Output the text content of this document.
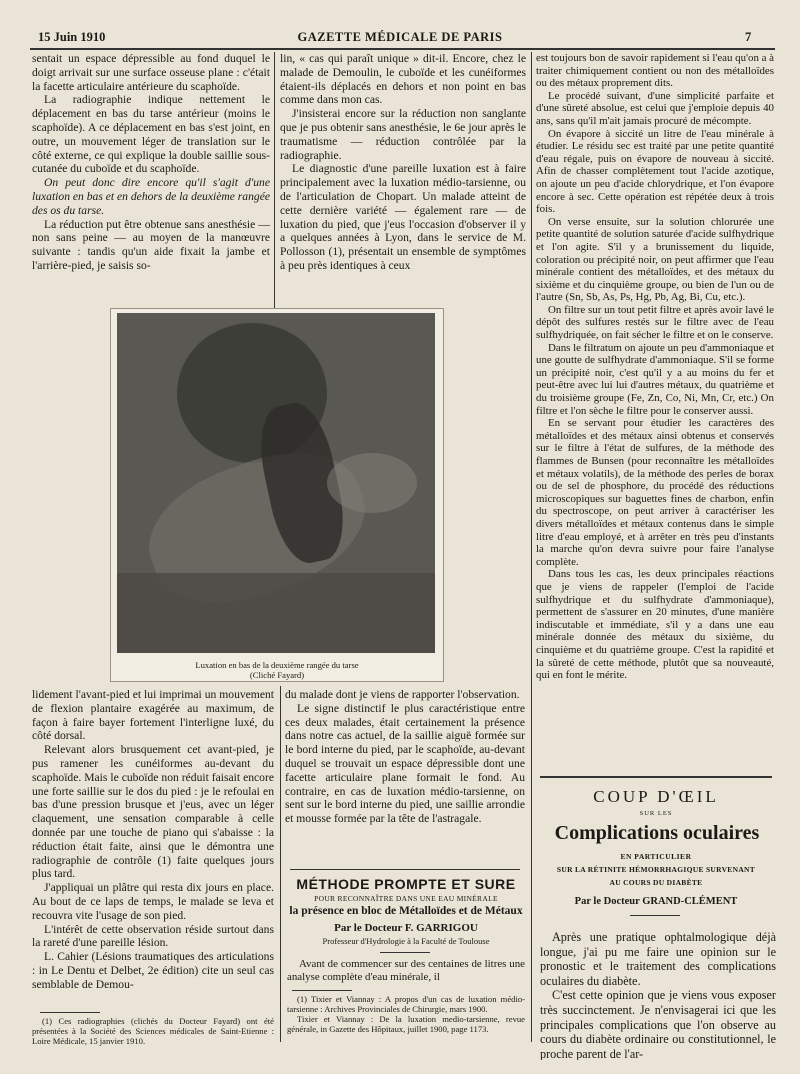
15 Juin 1910	GAZETTE MÉDICALE DE PARIS	7

sentait un espace dépressible au fond duquel le doigt arrivait sur une surface osseuse plane : c'était la facette articulaire antérieure du scaphoïde.

La radiographie indique nettement le déplacement en bas du tarse antérieur (moins le scaphoïde). A ce déplacement en bas s'est joint, en outre, un mouvement léger de translation sur le côté externe, ce qui explique la double saillie sous-cutanée du cuboïde et du scaphoïde.

On peut donc dire encore qu'il s'agit d'une luxation en bas et en dehors de la deuxième rangée des os du tarse.

La réduction put être obtenue sans anesthésie — non sans peine — au moyen de la manœuvre suivante : tandis qu'un aide fixait la jambe et l'arrière-pied, je saisis so-

lin, « cas qui paraît unique » dit-il. Encore, chez le malade de Demoulin, le cuboïde et les cunéiformes étaient-ils déplacés en dehors et non point en bas comme dans mon cas.

J'insisterai encore sur la réduction non sanglante que je pus obtenir sans anesthésie, le 6e jour après le traumatisme — réduction contrôlée par la radiographie.

Le diagnostic d'une pareille luxation est à faire principalement avec la luxation médio-tarsienne, ou de l'articulation de Chopart. Un malade atteint de cette dernière variété — également rare — de luxation du pied, que j'eus l'occasion d'observer il y a quelques années à Lyon, dans le service de M. Pollosson (1), présentait un ensemble de symptômes à peu près identiques à ceux

est toujours bon de savoir rapidement si l'eau qu'on a à traiter chimiquement contient ou non des métalloïdes ou des métaux proprement dits.

Le procédé suivant, d'une simplicité parfaite et d'une sûreté absolue, est celui que j'emploie depuis 40 ans, sans qu'il m'ait jamais procuré de mécompte.

On évapore à siccité un litre de l'eau minérale à étudier. Le résidu sec est traité par une petite quantité d'eau régale, puis on évapore de nouveau à siccité. Afin de chasser complètement tout l'acide azotique, on ajoute un peu d'acide chlorydrique, et l'on évapore encore à sec. Cette opération est répétée deux à trois fois.

On verse ensuite, sur la solution chlorurée une petite quantité de solution saturée d'acide sulfhydrique et l'on agite. S'il y a brunissement du liquide, coloration ou précipité noir, on peut affirmer que l'eau minérale contient des métalloïdes, et des métaux du sixième et du cinquième groupe, ou bien de l'un ou de l'autre (Sn, Sb, As, Ps, Hg, Pb, Ag, Bi, Cu, etc.).

On filtre sur un tout petit filtre et après avoir lavé le dépôt des sulfures restés sur le filtre avec de l'eau sulfhydriquée, on fait sécher le filtre et on le conserve.

Dans le filtratum on ajoute un peu d'ammoniaque et une goutte de sulfhydrate d'ammoniaque. S'il se forme un précipité noir, c'est qu'il y a au moins du fer et peut-être avec lui lui d'autres métaux, du quatrième et du troisième groupe (Fe, Zn, Co, Ni, Mn, Cr, etc.) On filtre et l'on sèche le filtre pour le conserver aussi.

En se servant pour étudier les caractères des métalloïdes et des métaux ainsi obtenus et conservés sur le filtre à l'état de sulfures, de la méthode des flammes de Bunsen (pour reconnaître les métalloïdes et métaux volatils), de la méthode des perles de borax ou de sel de phosphore, du procédé des réductions microscopiques sur baguettes fines de charbon, enfin du spectroscope, on peut arriver à caractériser les divers métalloïdes et métaux contenus dans le simple litre d'eau employé, et à arrêter en très peu d'instants la marche qu'on devra suivre pour faire l'analyse complète.

Dans tous les cas, les deux principales réactions que je viens de rappeler (l'emploi de l'acide sulfhydrique et du sulfhydrate d'ammoniaque), permettent de s'assurer en 20 minutes, d'une manière indiscutable et immédiate, s'il y a dans une eau minérale donnée des métaux du sixième, du cinquième et du quatrième groupe. C'est la rapidité et la sûreté de cette méthode, plutôt que sa nouveauté, qui en font le mérite.

Luxation en bas de la deuxième rangée du tarse
(Cliché Fayard)

lidement l'avant-pied et lui imprimai un mouvement de flexion plantaire exagérée au maximum, de façon à faire bayer fortement l'interligne luxé, du côté dorsal.

Relevant alors brusquement cet avant-pied, je pus ramener les cunéiformes au-devant du scaphoïde. Mais le cuboïde non réduit faisait encore une forte saillie sur le dos du pied : je le refoulai en bas d'une pression brusque et j'eus, avec un léger claquement, une sensation comparable à celle donnée par une touche de piano qui s'abaisse : la réduction était faite, ainsi que le démontra une radiographie de contrôle (1) faite quelques jours plus tard.

J'appliquai un plâtre qui resta dix jours en place. Au bout de ce laps de temps, le malade se leva et recouvra vite l'usage de son pied.

L'intérêt de cette observation réside surtout dans la rareté d'une pareille lésion.

L. Cahier (Lésions traumatiques des articulations : in Le Dentu et Delbet, 2e édition) cite un seul cas semblable de Demou-

(1) Ces radiographies (clichés du Docteur Fayard) ont été présentées à la Société des Sciences médicales de Saint-Etienne : Loire Médicale, 15 janvier 1910.

du malade dont je viens de rapporter l'observation.

Le signe distinctif le plus caractéristique entre ces deux malades, était certainement la présence dans notre cas actuel, de la saillie aiguë formée sur le bord interne du pied, par le scaphoïde, au-devant duquel se trouvait un espace dépressible dont une facette articulaire plane formait le fond. Au contraire, en cas de luxation médio-tarsienne, on sent sur le bord interne du pied, une saillie arrondie et mousse formée par la tête de l'astragale.

MÉTHODE PROMPTE ET SURE
POUR RECONNAÎTRE DANS UNE EAU MINÉRALE
la présence en bloc de Métalloïdes et de Métaux
Par le Docteur F. GARRIGOU
Professeur d'Hydrologie à la Faculté de Toulouse

Avant de commencer sur des centaines de litres une analyse complète d'eau minérale, il

(1) Tixier et Viannay : A propos d'un cas de luxation médio-tarsienne : Archives Provinciales de Chirurgie, mars 1900.

Tixier et Viannay : De la luxation medio-tarsienne, revue générale, in Gazette des Hôpitaux, juillet 1900, page 1173.

COUP D'ŒIL
SUR LES
Complications oculaires
EN PARTICULIER
SUR LA RÉTINITE HÉMORRHAGIQUE SURVENANT
AU COURS DU DIABÈTE
Par le Docteur GRAND-CLÉMENT

Après une pratique ophtalmologique déjà longue, j'ai pu me faire une opinion sur le pronostic et le traitement des complications oculaires du diabète.

C'est cette opinion que je viens vous exposer très succinctement. Je n'envisagerai ici que les principales complications que l'on observe au cours du diabète ordinaire ou constitutionnel, le proche parent de l'ar-
